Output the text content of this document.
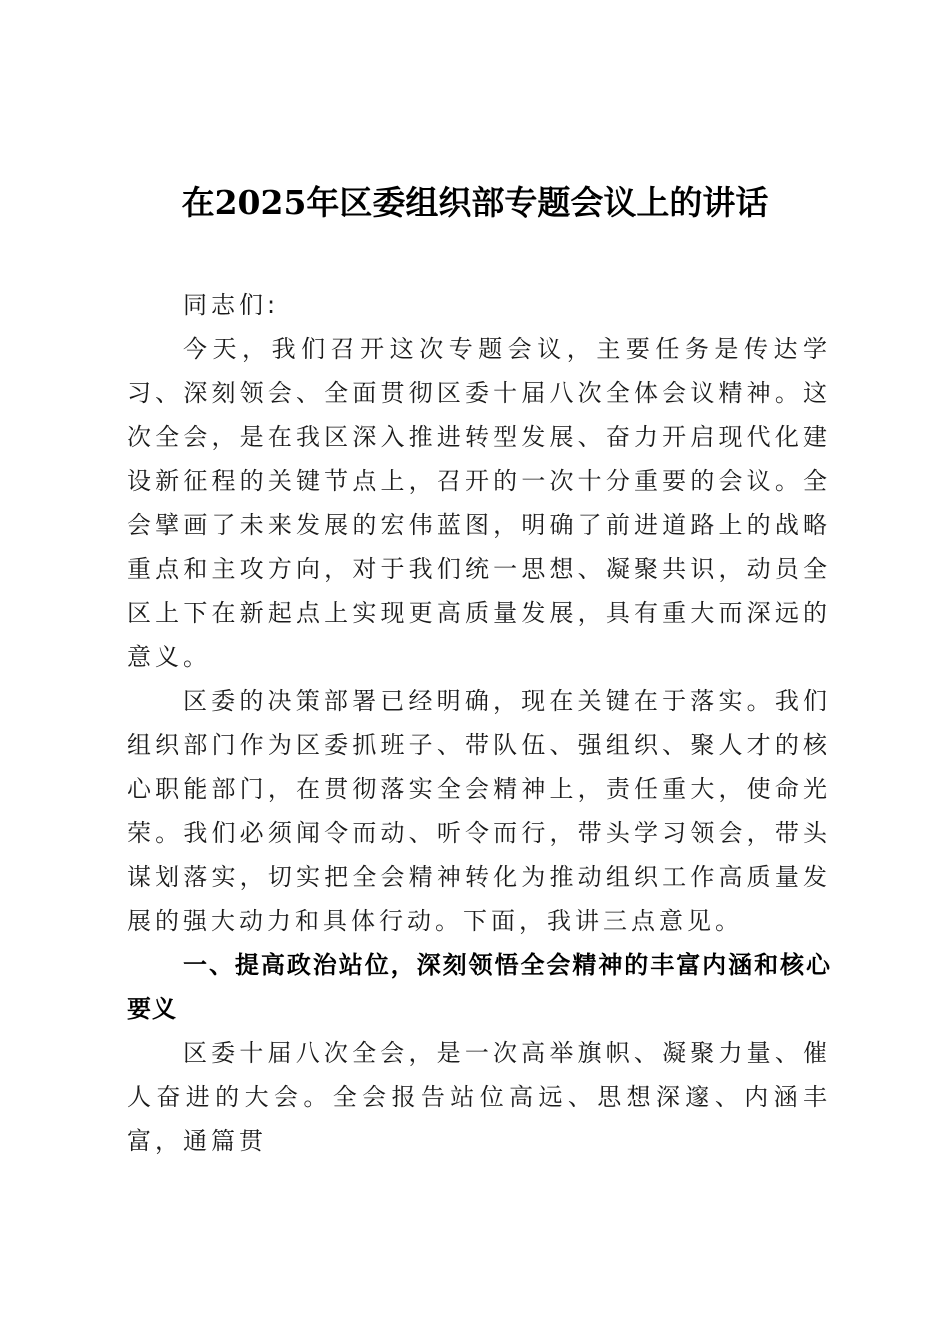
在2025年区委组织部专题会议上的讲话

同志们:

今天，我们召开这次专题会议，主要任务是传达学习、深刻领会、全面贯彻区委十届八次全体会议精神。这次全会，是在我区深入推进转型发展、奋力开启现代化建设新征程的关键节点上，召开的一次十分重要的会议。全会擘画了未来发展的宏伟蓝图，明确了前进道路上的战略重点和主攻方向，对于我们统一思想、凝聚共识，动员全区上下在新起点上实现更高质量发展，具有重大而深远的意义。

区委的决策部署已经明确，现在关键在于落实。我们组织部门作为区委抓班子、带队伍、强组织、聚人才的核心职能部门，在贯彻落实全会精神上，责任重大，使命光荣。我们必须闻令而动、听令而行，带头学习领会，带头谋划落实，切实把全会精神转化为推动组织工作高质量发展的强大动力和具体行动。下面，我讲三点意见。

一、提高政治站位，深刻领悟全会精神的丰富内涵和核心要义

区委十届八次全会，是一次高举旗帜、凝聚力量、催人奋进的大会。全会报告站位高远、思想深邃、内涵丰富，通篇贯
